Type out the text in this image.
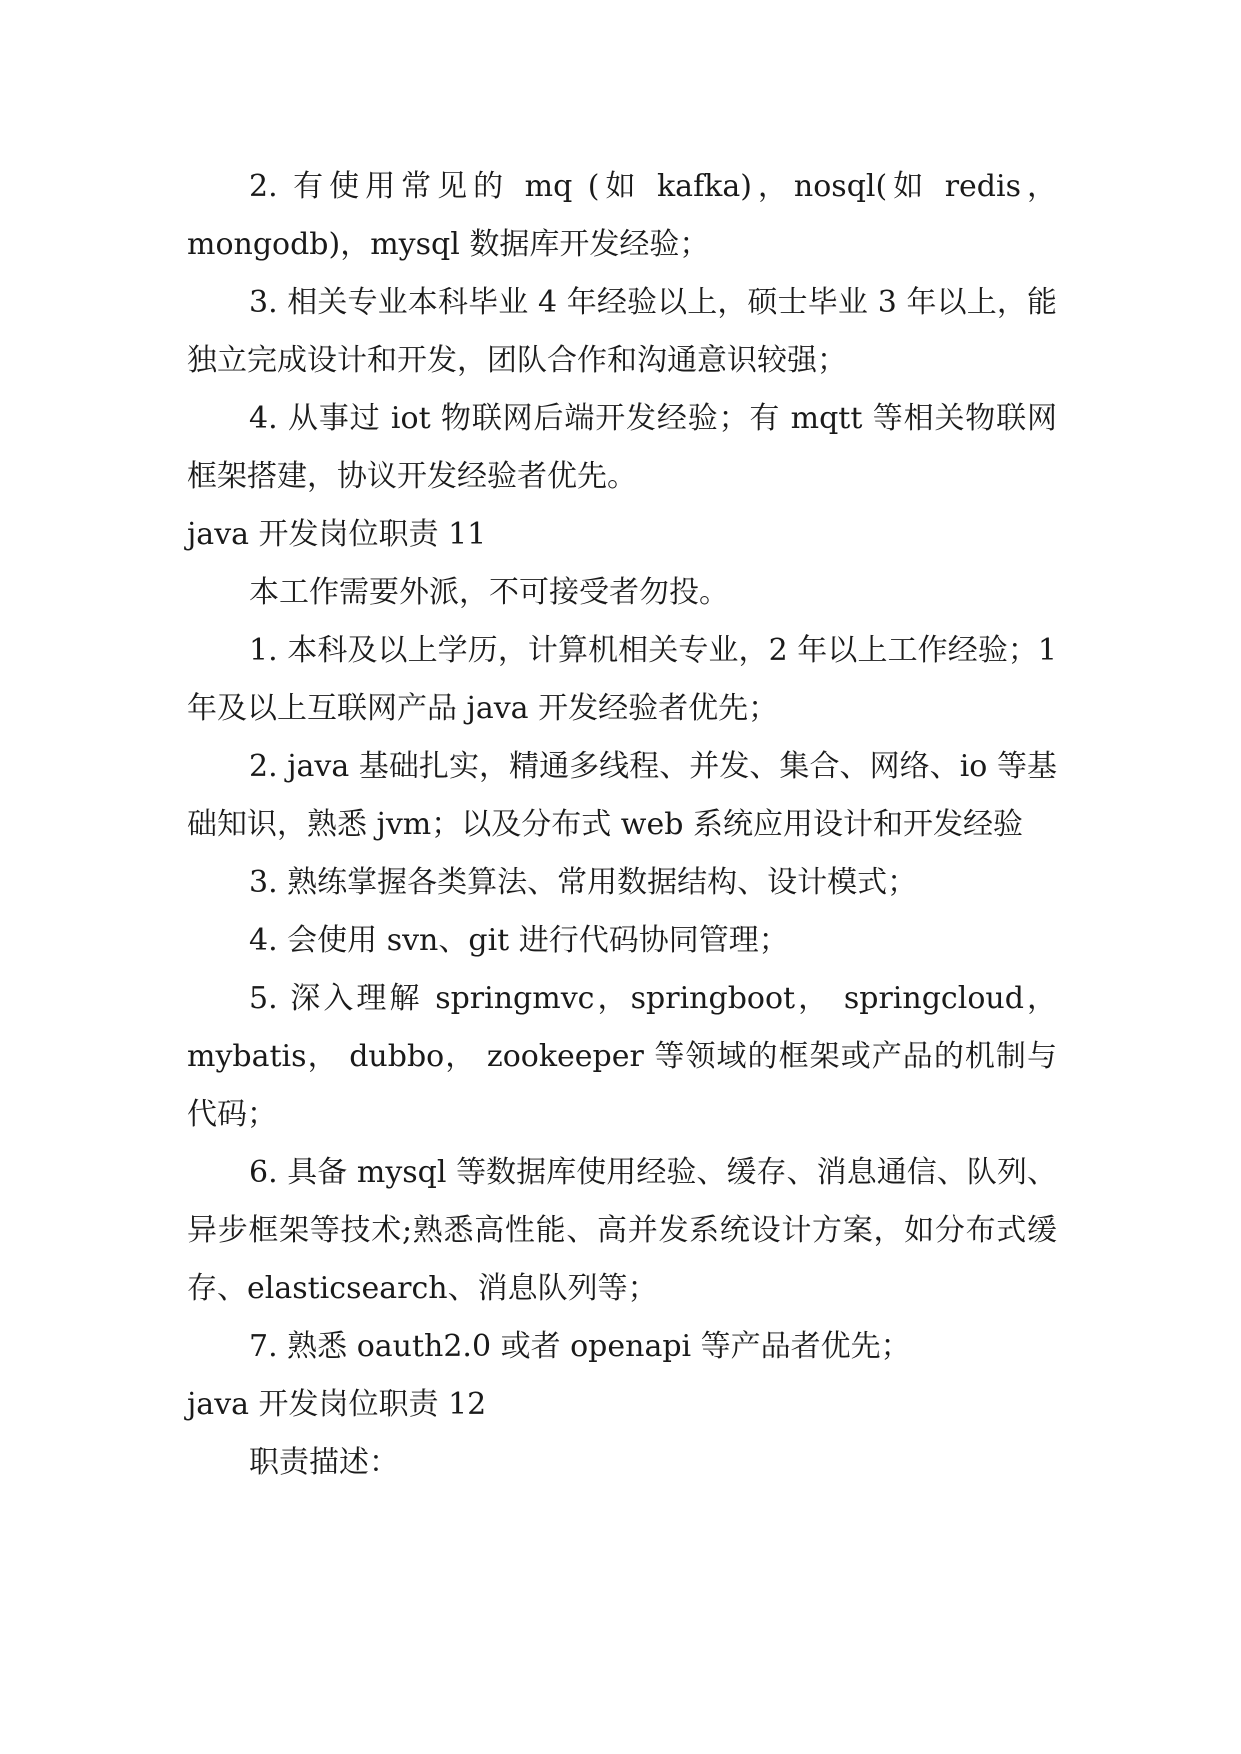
2. 有使用常见的 mq (如 kafka)，nosql(如 redis，mongodb)，mysql 数据库开发经验；

3. 相关专业本科毕业 4 年经验以上，硕士毕业 3 年以上，能独立完成设计和开发，团队合作和沟通意识较强；

4. 从事过 iot 物联网后端开发经验；有 mqtt 等相关物联网框架搭建，协议开发经验者优先。

java 开发岗位职责 11

本工作需要外派，不可接受者勿投。

1. 本科及以上学历，计算机相关专业，2 年以上工作经验；1 年及以上互联网产品 java 开发经验者优先；

2. java 基础扎实，精通多线程、并发、集合、网络、io 等基础知识，熟悉 jvm；以及分布式 web 系统应用设计和开发经验

3. 熟练掌握各类算法、常用数据结构、设计模式；

4. 会使用 svn、git 进行代码协同管理；

5. 深入理解 springmvc，springboot， springcloud，mybatis， dubbo， zookeeper 等领域的框架或产品的机制与代码；

6. 具备 mysql 等数据库使用经验、缓存、消息通信、队列、异步框架等技术;熟悉高性能、高并发系统设计方案，如分布式缓存、elasticsearch、消息队列等；

7. 熟悉 oauth2.0 或者 openapi 等产品者优先；

java 开发岗位职责 12

职责描述：
